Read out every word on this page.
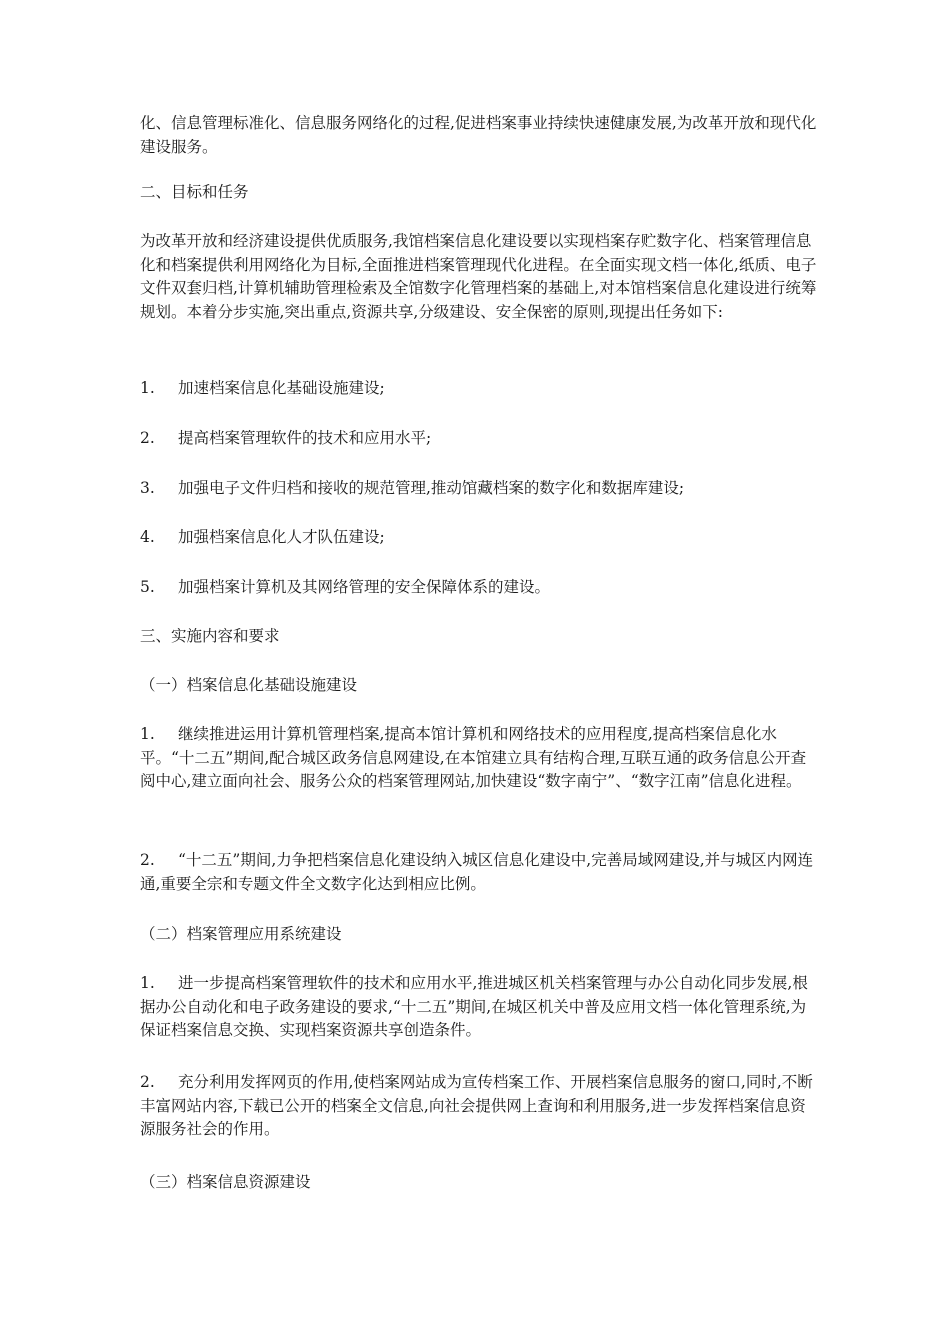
化、信息管理标准化、信息服务网络化的过程,促进档案事业持续快速健康发展,为改革开放和现代化建设服务。

二、目标和任务

为改革开放和经济建设提供优质服务,我馆档案信息化建设要以实现档案存贮数字化、档案管理信息化和档案提供利用网络化为目标,全面推进档案管理现代化进程。在全面实现文档一体化,纸质、电子文件双套归档,计算机辅助管理检索及全馆数字化管理档案的基础上,对本馆档案信息化建设进行统筹规划。本着分步实施,突出重点,资源共享,分级建设、安全保密的原则,现提出任务如下:

1. 加速档案信息化基础设施建设;

2. 提高档案管理软件的技术和应用水平;

3. 加强电子文件归档和接收的规范管理,推动馆藏档案的数字化和数据库建设;

4. 加强档案信息化人才队伍建设;

5. 加强档案计算机及其网络管理的安全保障体系的建设。

三、实施内容和要求

（一）档案信息化基础设施建设

1. 继续推进运用计算机管理档案,提高本馆计算机和网络技术的应用程度,提高档案信息化水平。“十二五”期间,配合城区政务信息网建设,在本馆建立具有结构合理,互联互通的政务信息公开查阅中心,建立面向社会、服务公众的档案管理网站,加快建设“数字南宁”、“数字江南”信息化进程。

2. “十二五”期间,力争把档案信息化建设纳入城区信息化建设中,完善局域网建设,并与城区内网连通,重要全宗和专题文件全文数字化达到相应比例。

（二）档案管理应用系统建设

1. 进一步提高档案管理软件的技术和应用水平,推进城区机关档案管理与办公自动化同步发展,根据办公自动化和电子政务建设的要求,“十二五”期间,在城区机关中普及应用文档一体化管理系统,为保证档案信息交换、实现档案资源共享创造条件。

2. 充分利用发挥网页的作用,使档案网站成为宣传档案工作、开展档案信息服务的窗口,同时,不断丰富网站内容,下载已公开的档案全文信息,向社会提供网上查询和利用服务,进一步发挥档案信息资源服务社会的作用。

（三）档案信息资源建设
